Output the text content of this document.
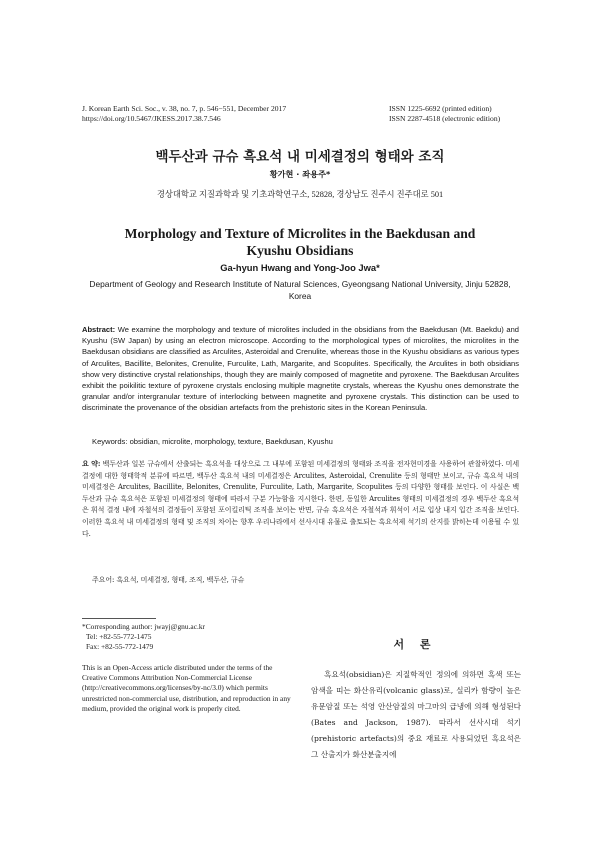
J. Korean Earth Sci. Soc., v. 38, no. 7, p. 546−551, December 2017
https://doi.org/10.5467/JKESS.2017.38.7.546
ISSN 1225-6692 (printed edition)
ISSN 2287-4518 (electronic edition)
백두산과 규슈 흑요석 내 미세결정의 형태와 조직
황가현 · 좌용주*
경상대학교 지질과학과 및 기초과학연구소, 52828, 경상남도 진주시 진주대로 501
Morphology and Texture of Microlites in the Baekdusan and
Kyushu Obsidians
Ga-hyun Hwang and Yong-Joo Jwa*
Department of Geology and Research Institute of Natural Sciences, Gyeongsang National University, Jinju 52828, Korea
Abstract: We examine the morphology and texture of microlites included in the obsidians from the Baekdusan (Mt. Baekdu) and Kyushu (SW Japan) by using an electron microscope. According to the morphological types of microlites, the microlites in the Baekdusan obsidians are classified as Arculites, Asteroidal and Crenulite, whereas those in the Kyushu obsidians as various types of Arculites, Bacillite, Belonites, Crenulite, Furculite, Lath, Margarite, and Scopulites. Specifically, the Arculites in both obsidians show very distinctive crystal relationships, though they are mainly composed of magnetite and pyroxene. The Baekdusan Arculites exhibit the poikilitic texture of pyroxene crystals enclosing multiple magnetite crystals, whereas the Kyushu ones demonstrate the granular and/or intergranular texture of interlocking between magnetite and pyroxene crystals. This distinction can be used to discriminate the provenance of the obsidian artefacts from the prehistoric sites in the Korean Peninsula.
Keywords: obsidian, microlite, morphology, texture, Baekdusan, Kyushu
요 약: 백두산과 일본 규슈에서 산출되는 흑요석을 대상으로 그 내부에 포함된 미세결정의 형태와 조직을 전자현미경을 사용하여 관찰하였다. 미세결정에 대한 형태학적 분류에 따르면, 백두산 흑요석 내의 미세결정은 Arculites, Asteroidal, Crenulite 등의 형태만 보이고, 규슈 흑요석 내의 미세결정은 Arculites, Bacillite, Belonites, Crenulite, Furculite, Lath, Margarite, Scopulites 등의 다양한 형태를 보인다. 이 사실은 백두산과 규슈 흑요석은 포함된 미세결정의 형태에 따라서 구분 가능함을 지시한다. 한편, 동일한 Arculites 형태의 미세결정의 경우 백두산 흑요석은 휘석 결정 내에 자철석의 결정들이 포함된 포이킬리틱 조직을 보이는 반면, 규슈 흑요석은 자철석과 휘석이 서로 입상 내지 입간 조직을 보인다. 이러한 흑요석 내 미세결정의 형태 및 조직의 차이는 향후 우리나라에서 선사시대 유물로 출토되는 흑요석제 석기의 산지를 밝히는데 이용될 수 있다.
주요어: 흑요석, 미세결정, 형태, 조직, 백두산, 규슈
*Corresponding author: jwayj@gnu.ac.kr
Tel: +82-55-772-1475
Fax: +82-55-772-1479
This is an Open-Access article distributed under the terms of the Creative Commons Attribution Non-Commercial License (http://creativecommons.org/licenses/by-nc/3.0) which permits unrestricted non-commercial use, distribution, and reproduction in any medium, provided the original work is properly cited.
서 론
흑요석(obsidian)은 지질학적인 정의에 의하면 흑색 또는 암색을 띠는 화산유리(volcanic glass)로, 실리카 함량이 높은 유문암질 또는 석영 안산암질의 마그마의 급냉에 의해 형성된다(Bates and Jackson, 1987). 따라서 선사시대 석기(prehistoric artefacts)의 중요 재료로 사용되었던 흑요석은 그 산출지가 화산분출지에
